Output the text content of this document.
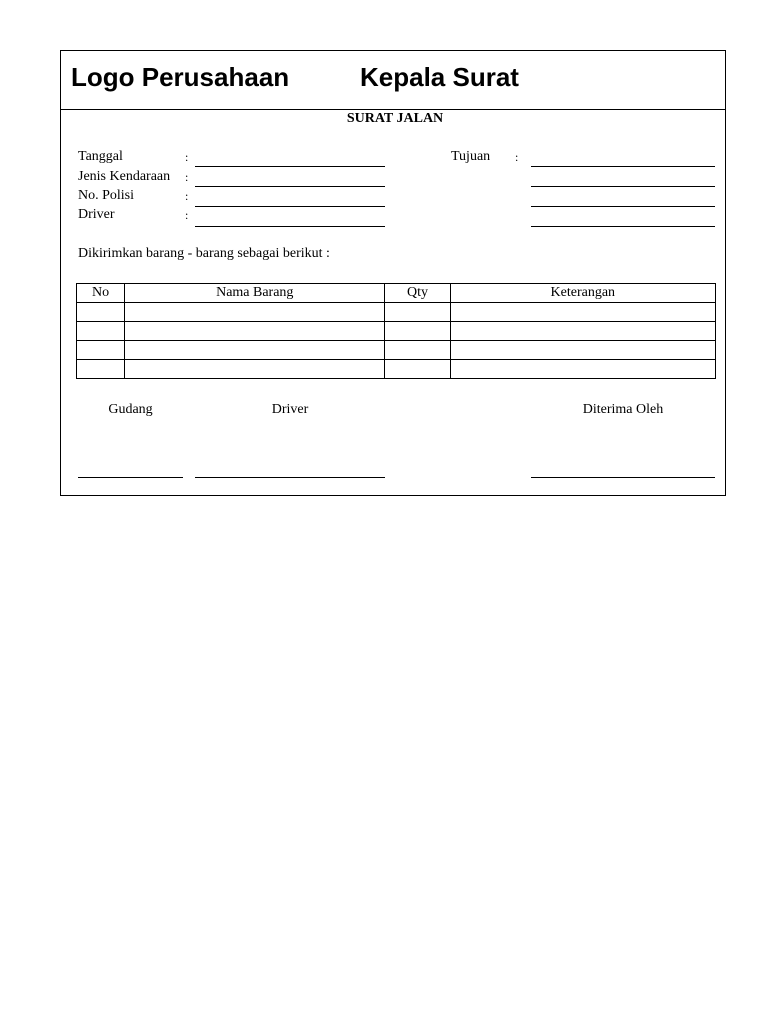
Logo Perusahaan	Kepala Surat
SURAT JALAN
Tanggal	:
Jenis Kendaraan :
No. Polisi	:
Driver	:
Tujuan :
Dikirimkan barang - barang sebagai berikut :
No	Nama Barang	Qty	Keterangan

Gudang	Driver	Diterima Oleh
